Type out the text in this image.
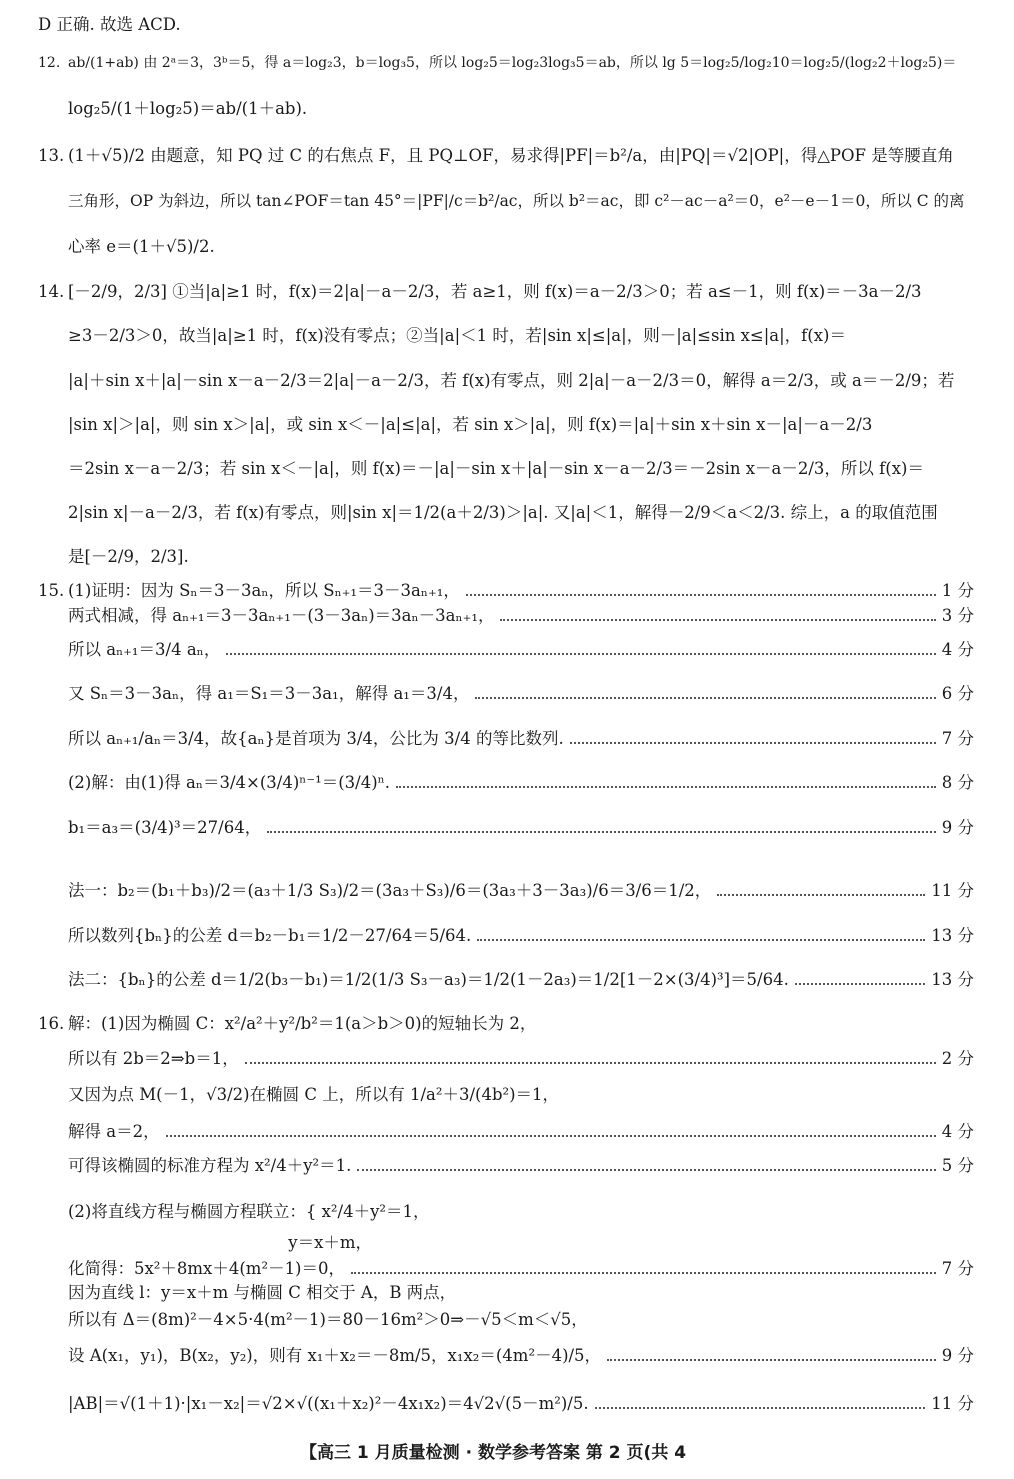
D 正确. 故选 ACD.
12. ab/(1+ab) 由 2ᵃ＝3，3ᵇ＝5，得 a＝log₂3，b＝log₃5，所以 log₂5＝log₂3log₃5＝ab，所以 lg 5＝log₂5/log₂10＝log₂5/(log₂2＋log₂5)＝
log₂5/(1＋log₂5)＝ab/(1＋ab).
13. (1＋√5)/2 由题意，知 PQ 过 C 的右焦点 F，且 PQ⊥OF，易求得|PF|＝b²/a，由|PQ|＝√2|OP|，得△POF 是等腰直角
三角形，OP 为斜边，所以 tan∠POF＝tan 45°＝|PF|/c＝b²/ac，所以 b²＝ac，即 c²－ac－a²＝0，e²－e－1＝0，所以 C 的离
心率 e＝(1＋√5)/2.
14. [－2/9，2/3] ①当|a|≥1 时，f(x)＝2|a|－a－2/3，若 a≥1，则 f(x)＝a－2/3＞0；若 a≤－1，则 f(x)＝－3a－2/3
≥3－2/3＞0，故当|a|≥1 时，f(x)没有零点；②当|a|＜1 时，若|sin x|≤|a|，则－|a|≤sin x≤|a|，f(x)＝
|a|＋sin x＋|a|－sin x－a－2/3＝2|a|－a－2/3，若 f(x)有零点，则 2|a|－a－2/3＝0，解得 a＝2/3，或 a＝－2/9；若
|sin x|＞|a|，则 sin x＞|a|，或 sin x＜－|a|≤|a|，若 sin x＞|a|，则 f(x)＝|a|＋sin x＋sin x－|a|－a－2/3
＝2sin x－a－2/3；若 sin x＜－|a|，则 f(x)＝－|a|－sin x＋|a|－sin x－a－2/3＝－2sin x－a－2/3，所以 f(x)＝
2|sin x|－a－2/3，若 f(x)有零点，则|sin x|＝1/2(a＋2/3)＞|a|. 又|a|＜1，解得－2/9＜a＜2/3. 综上，a 的取值范围
是[－2/9，2/3].
15. (1)证明：因为 Sₙ＝3－3aₙ，所以 Sₙ₊₁＝3－3aₙ₊₁，	1 分
两式相减，得 aₙ₊₁＝3－3aₙ₊₁－(3－3aₙ)＝3aₙ－3aₙ₊₁，	3 分
所以 aₙ₊₁＝3/4 aₙ，	4 分
又 Sₙ＝3－3aₙ，得 a₁＝S₁＝3－3a₁，解得 a₁＝3/4，	6 分
所以 aₙ₊₁/aₙ＝3/4，故{aₙ}是首项为 3/4，公比为 3/4 的等比数列.	7 分
(2)解：由(1)得 aₙ＝3/4×(3/4)ⁿ⁻¹＝(3/4)ⁿ.	8 分
b₁＝a₃＝(3/4)³＝27/64，	9 分
法一：b₂＝(b₁＋b₃)/2＝(a₃＋1/3 S₃)/2＝(3a₃＋S₃)/6＝(3a₃＋3－3a₃)/6＝3/6＝1/2，	11 分
所以数列{bₙ}的公差 d＝b₂－b₁＝1/2－27/64＝5/64.	13 分
法二：{bₙ}的公差 d＝1/2(b₃－b₁)＝1/2(1/3 S₃－a₃)＝1/2(1－2a₃)＝1/2[1－2×(3/4)³]＝5/64.	13 分
16. 解：(1)因为椭圆 C：x²/a²＋y²/b²＝1(a＞b＞0)的短轴长为 2，
所以有 2b＝2⇒b＝1，	2 分
又因为点 M(－1，√3/2)在椭圆 C 上，所以有 1/a²＋3/(4b²)＝1，
解得 a＝2，	4 分
可得该椭圆的标准方程为 x²/4＋y²＝1.	5 分
(2)将直线方程与椭圆方程联立：{ x²/4＋y²＝1，
y＝x＋m，
化简得：5x²＋8mx＋4(m²－1)＝0，	7 分
因为直线 l：y＝x＋m 与椭圆 C 相交于 A，B 两点，
所以有 Δ＝(8m)²－4×5·4(m²－1)＝80－16m²＞0⇒－√5＜m＜√5，
设 A(x₁，y₁)，B(x₂，y₂)，则有 x₁＋x₂＝－8m/5，x₁x₂＝(4m²－4)/5，	9 分
|AB|＝√(1＋1)·|x₁－x₂|＝√2×√((x₁＋x₂)²－4x₁x₂)＝4√2√(5－m²)/5.	11 分
【高三 1 月质量检测 · 数学参考答案 第 2 页(共 4
